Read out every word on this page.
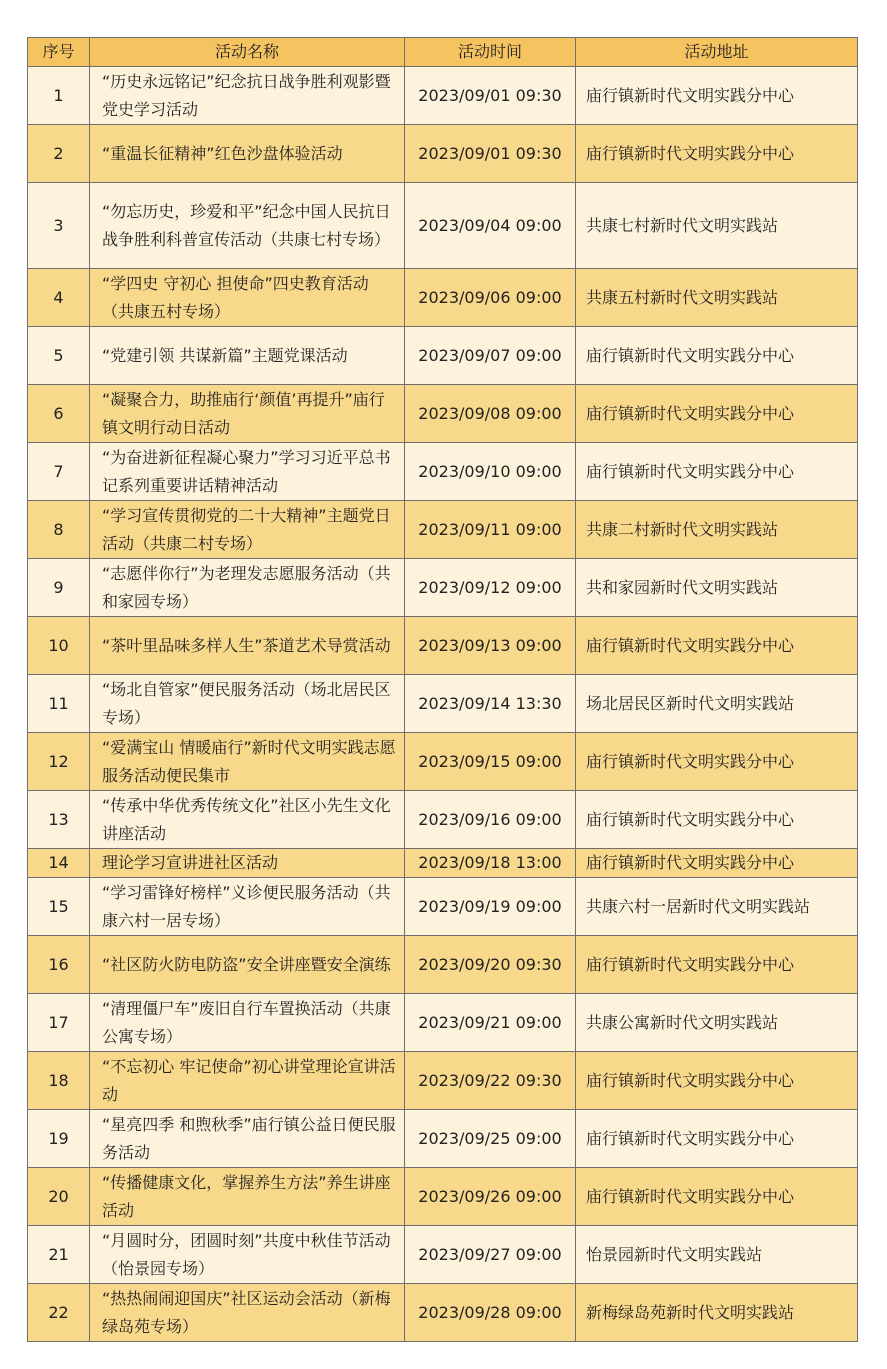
序号	活动名称	活动时间	活动地址
1	“历史永远铭记”纪念抗日战争胜利观影暨党史学习活动	2023/09/01 09:30	庙行镇新时代文明实践分中心
2	“重温长征精神”红色沙盘体验活动	2023/09/01 09:30	庙行镇新时代文明实践分中心
3	“勿忘历史，珍爱和平”纪念中国人民抗日战争胜利科普宣传活动（共康七村专场）	2023/09/04 09:00	共康七村新时代文明实践站
4	“学四史 守初心 担使命”四史教育活动（共康五村专场）	2023/09/06 09:00	共康五村新时代文明实践站
5	“党建引领 共谋新篇”主题党课活动	2023/09/07 09:00	庙行镇新时代文明实践分中心
6	“凝聚合力，助推庙行‘颜值’再提升”庙行镇文明行动日活动	2023/09/08 09:00	庙行镇新时代文明实践分中心
7	“为奋进新征程凝心聚力”学习习近平总书记系列重要讲话精神活动	2023/09/10 09:00	庙行镇新时代文明实践分中心
8	“学习宣传贯彻党的二十大精神”主题党日活动（共康二村专场）	2023/09/11 09:00	共康二村新时代文明实践站
9	“志愿伴你行”为老理发志愿服务活动（共和家园专场）	2023/09/12 09:00	共和家园新时代文明实践站
10	“茶叶里品味多样人生”茶道艺术导赏活动	2023/09/13 09:00	庙行镇新时代文明实践分中心
11	“场北自管家”便民服务活动（场北居民区专场）	2023/09/14 13:30	场北居民区新时代文明实践站
12	“爱满宝山 情暖庙行”新时代文明实践志愿服务活动便民集市	2023/09/15 09:00	庙行镇新时代文明实践分中心
13	“传承中华优秀传统文化”社区小先生文化讲座活动	2023/09/16 09:00	庙行镇新时代文明实践分中心
14	理论学习宣讲进社区活动	2023/09/18 13:00	庙行镇新时代文明实践分中心
15	“学习雷锋好榜样”义诊便民服务活动（共康六村一居专场）	2023/09/19 09:00	共康六村一居新时代文明实践站
16	“社区防火防电防盗”安全讲座暨安全演练	2023/09/20 09:30	庙行镇新时代文明实践分中心
17	“清理僵尸车”废旧自行车置换活动（共康公寓专场）	2023/09/21 09:00	共康公寓新时代文明实践站
18	“不忘初心 牢记使命”初心讲堂理论宣讲活动	2023/09/22 09:30	庙行镇新时代文明实践分中心
19	“星亮四季 和煦秋季”庙行镇公益日便民服务活动	2023/09/25 09:00	庙行镇新时代文明实践分中心
20	“传播健康文化，掌握养生方法”养生讲座活动	2023/09/26 09:00	庙行镇新时代文明实践分中心
21	“月圆时分，团圆时刻”共度中秋佳节活动（怡景园专场）	2023/09/27 09:00	怡景园新时代文明实践站
22	“热热闹闹迎国庆”社区运动会活动（新梅绿岛苑专场）	2023/09/28 09:00	新梅绿岛苑新时代文明实践站
